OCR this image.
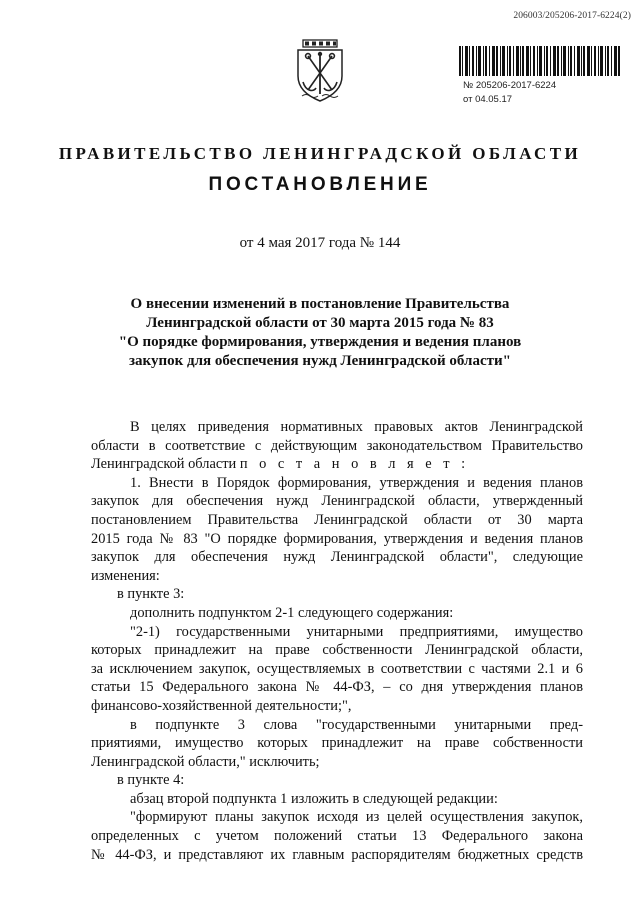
206003/205206-2017-6224(2)
№ 205206-2017-6224
от 04.05.17
ПРАВИТЕЛЬСТВО ЛЕНИНГРАДСКОЙ ОБЛАСТИ
ПОСТАНОВЛЕНИЕ
от 4 мая 2017 года № 144
О внесении изменений в постановление Правительства
Ленинградской области от 30 марта 2015 года № 83
"О порядке формирования, утверждения и ведения планов
закупок для обеспечения нужд Ленинградской области"
В целях приведения нормативных правовых актов Ленинградской
области в соответствие с действующим законодательством Правительство
Ленинградской области п о с т а н о в л я е т :
1. Внести в Порядок формирования, утверждения и ведения планов
закупок для обеспечения нужд Ленинградской области, утвержденный
постановлением Правительства Ленинградской области от 30 марта
2015 года № 83 "О порядке формирования, утверждения и ведения планов
закупок для обеспечения нужд Ленинградской области", следующие
изменения:
в пункте 3:
дополнить подпунктом 2-1 следующего содержания:
"2-1) государственными унитарными предприятиями, имущество
которых принадлежит на праве собственности Ленинградской области,
за исключением закупок, осуществляемых в соответствии с частями 2.1 и 6
статьи 15 Федерального закона № 44-ФЗ, – со дня утверждения планов
финансово-хозяйственной деятельности;",
в подпункте 3 слова "государственными унитарными пред-
приятиями, имущество которых принадлежит на праве собственности
Ленинградской области," исключить;
в пункте 4:
абзац второй подпункта 1 изложить в следующей редакции:
"формируют планы закупок исходя из целей осуществления закупок,
определенных с учетом положений статьи 13 Федерального закона
№ 44-ФЗ, и представляют их главным распорядителям бюджетных средств
